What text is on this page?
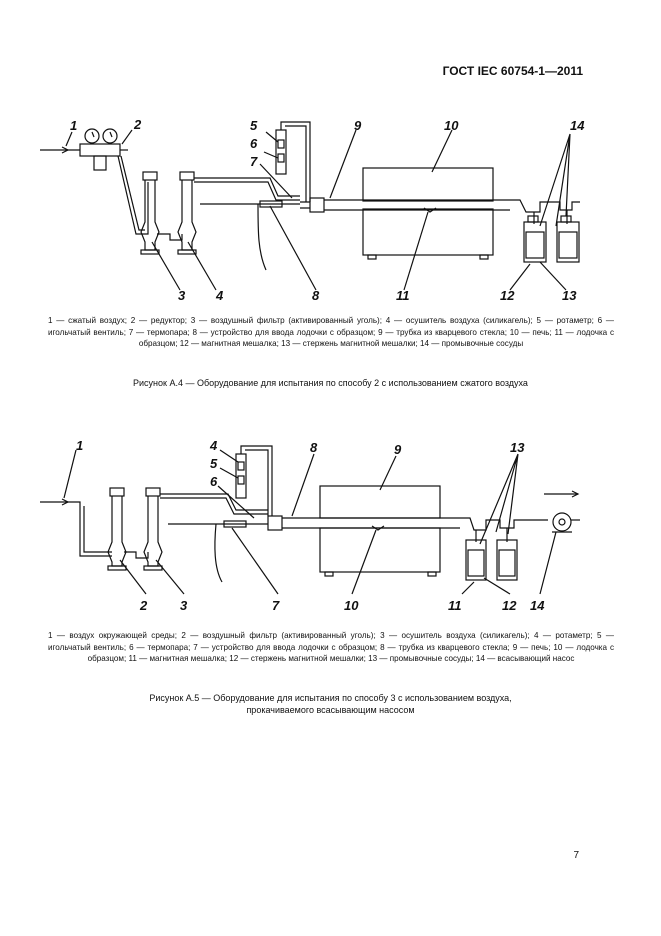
ГОСТ IEC 60754-1—2011
1	2
3 4
5
6
7
8
9	10
11	12	13
14
1 — сжатый воздух; 2 — редуктор; 3 — воздушный фильтр (активированный уголь); 4 — осушитель воздуха (силикагель); 5 — ротаметр; 6 — игольчатый вентиль; 7 — термопара; 8 — устройство для ввода лодочки с образцом; 9 — трубка из кварцевого стекла; 10 — печь; 11 — лодочка с образцом; 12 — магнитная мешалка; 13 — стержень магнитной мешалки; 14 — промывочные сосуды
Рисунок А.4 — Оборудование для испытания по способу 2 с использованием сжатого воздуха
1
2	3
4
5
6
7
8	9
10	11	12
13
14
1 — воздух окружающей среды; 2 — воздушный фильтр (активированный уголь); 3 — осушитель воздуха (силикагель); 4 — ротаметр; 5 — игольчатый вентиль; 6 — термопара; 7 — устройство для ввода лодочки с образцом; 8 — трубка из кварцевого стекла; 9 — печь; 10 — лодочка с образцом; 11 — магнитная мешалка; 12 — стержень магнитной мешалки; 13 — промывочные сосуды; 14 — всасывающий насос
Рисунок А.5 — Оборудование для испытания по способу 3 с использованием воздуха,
прокачиваемого всасывающим насосом
7
